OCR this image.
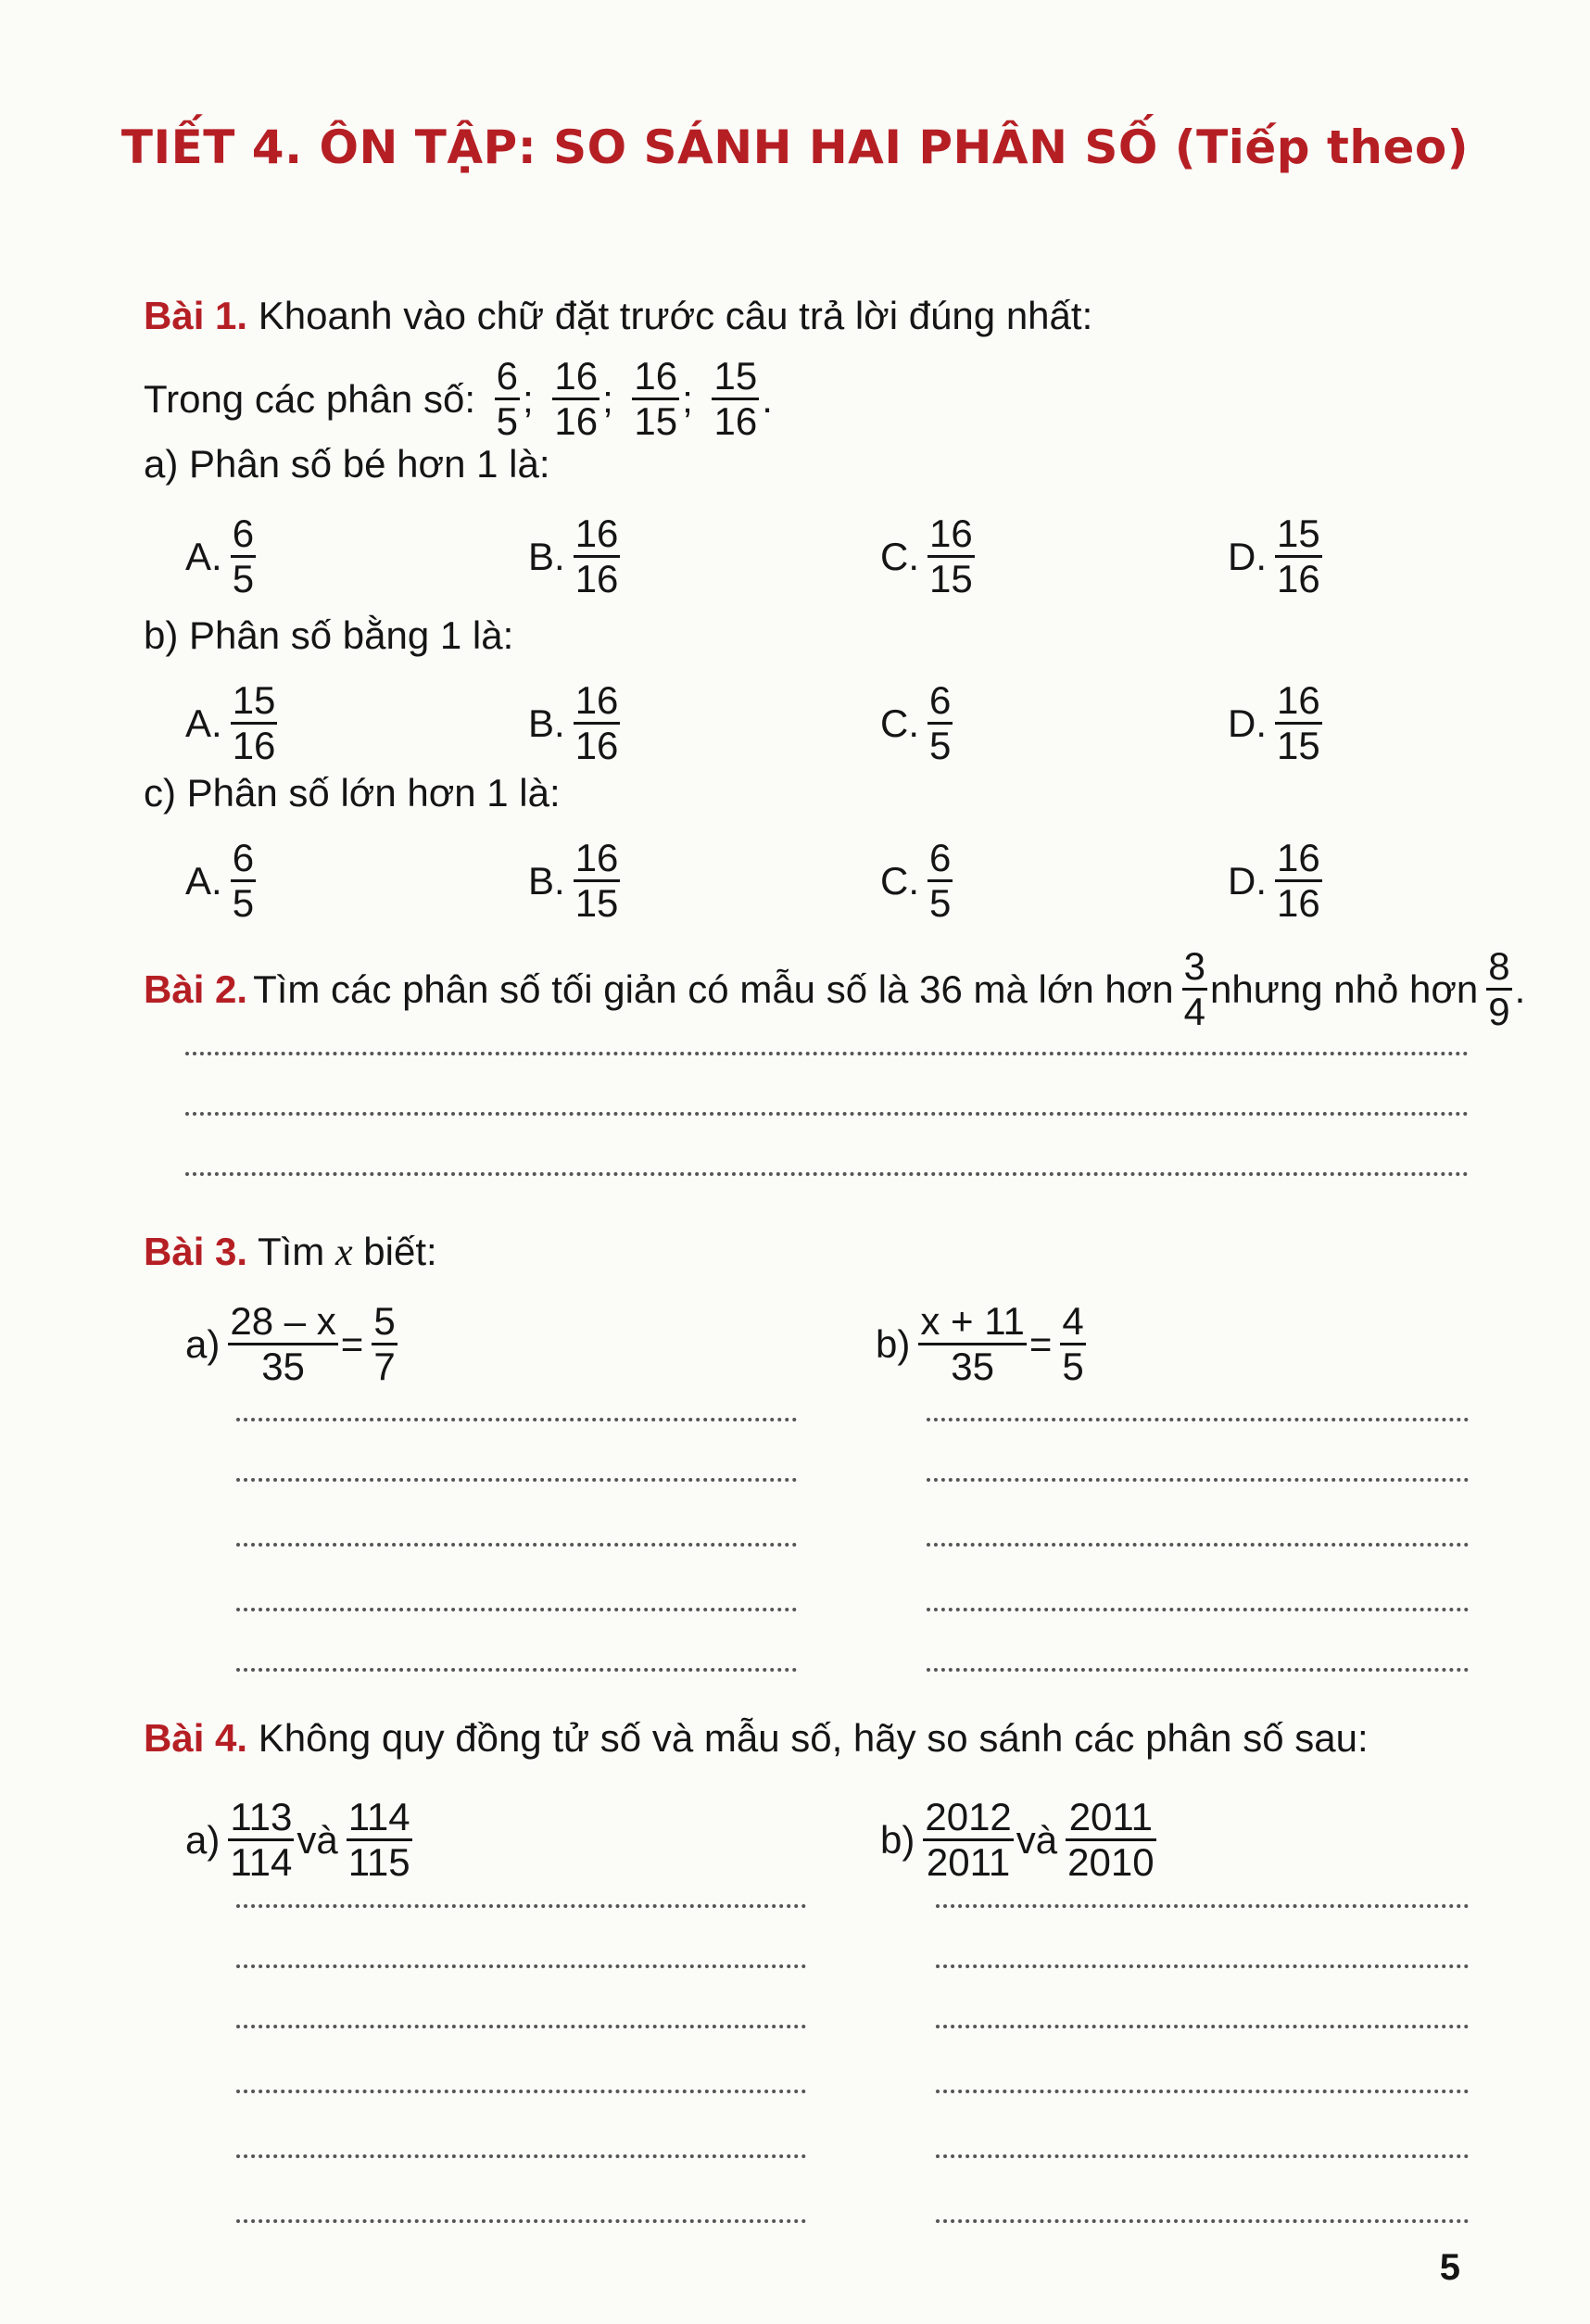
TIẾT 4. ÔN TẬP: SO SÁNH HAI PHÂN SỐ (Tiếp theo)
Bài 1. Khoanh vào chữ đặt trước câu trả lời đúng nhất:
Trong các phân số: $\frac{6}{5}$ ; $\frac{16}{16}$ ; $\frac{16}{15}$ ; $\frac{15}{16}$ .
a) Phân số bé hơn 1 là:
A. $\frac{6}{5}$	B. $\frac{16}{16}$	C. $\frac{16}{15}$	D. $\frac{15}{16}$
b) Phân số bằng 1 là:
A. $\frac{15}{16}$	B. $\frac{16}{16}$	C. $\frac{6}{5}$	D. $\frac{16}{15}$
c) Phân số lớn hơn 1 là:
A. $\frac{6}{5}$	B. $\frac{16}{15}$	C. $\frac{6}{5}$	D. $\frac{16}{16}$
Bài 2. Tìm các phân số tối giản có mẫu số là 36 mà lớn hơn $\frac{3}{4}$ nhưng nhỏ hơn $\frac{8}{9}$ .
Bài 3. Tìm x biết:
$a) \frac{28 - x}{35} = \frac{5}{7}$	$b) \frac{x + 11}{35} = \frac{4}{5}$
Bài 4. Không quy đồng tử số và mẫu số, hãy so sánh các phân số sau:
$a) \frac{113}{114}$ và $\frac{114}{115}$	$b) \frac{2012}{2011}$ và $\frac{2011}{2010}$
5
